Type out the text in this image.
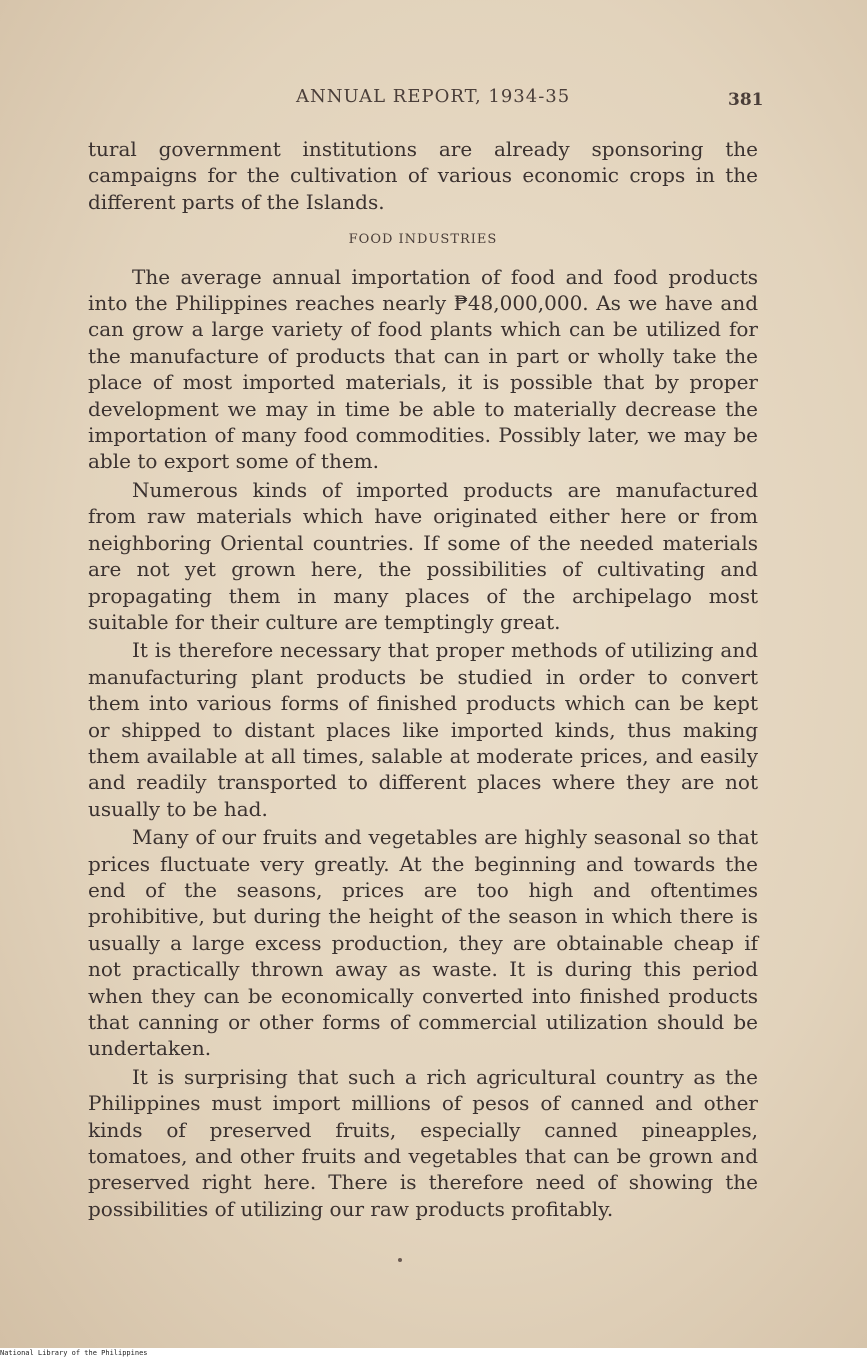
ANNUAL REPORT, 1934-35	381

tural government institutions are already sponsoring the campaigns for the cultivation of various economic crops in the different parts of the Islands.

FOOD INDUSTRIES

The average annual importation of food and food products into the Philippines reaches nearly ₱48,000,000. As we have and can grow a large variety of food plants which can be utilized for the manufacture of products that can in part or wholly take the place of most imported materials, it is possible that by proper development we may in time be able to materially decrease the importation of many food commodities. Possibly later, we may be able to export some of them.

Numerous kinds of imported products are manufactured from raw materials which have originated either here or from neighboring Oriental countries. If some of the needed materials are not yet grown here, the possibilities of cultivating and propagating them in many places of the archipelago most suitable for their culture are temptingly great.

It is therefore necessary that proper methods of utilizing and manufacturing plant products be studied in order to convert them into various forms of finished products which can be kept or shipped to distant places like imported kinds, thus making them available at all times, salable at moderate prices, and easily and readily transported to different places where they are not usually to be had.

Many of our fruits and vegetables are highly seasonal so that prices fluctuate very greatly. At the beginning and towards the end of the seasons, prices are too high and oftentimes prohibitive, but during the height of the season in which there is usually a large excess production, they are obtainable cheap if not practically thrown away as waste. It is during this period when they can be economically converted into finished products that canning or other forms of commercial utilization should be undertaken.

It is surprising that such a rich agricultural country as the Philippines must import millions of pesos of canned and other kinds of preserved fruits, especially canned pineapples, tomatoes, and other fruits and vegetables that can be grown and preserved right here. There is therefore need of showing the possibilities of utilizing our raw products profitably.

National Library of the Philippines
